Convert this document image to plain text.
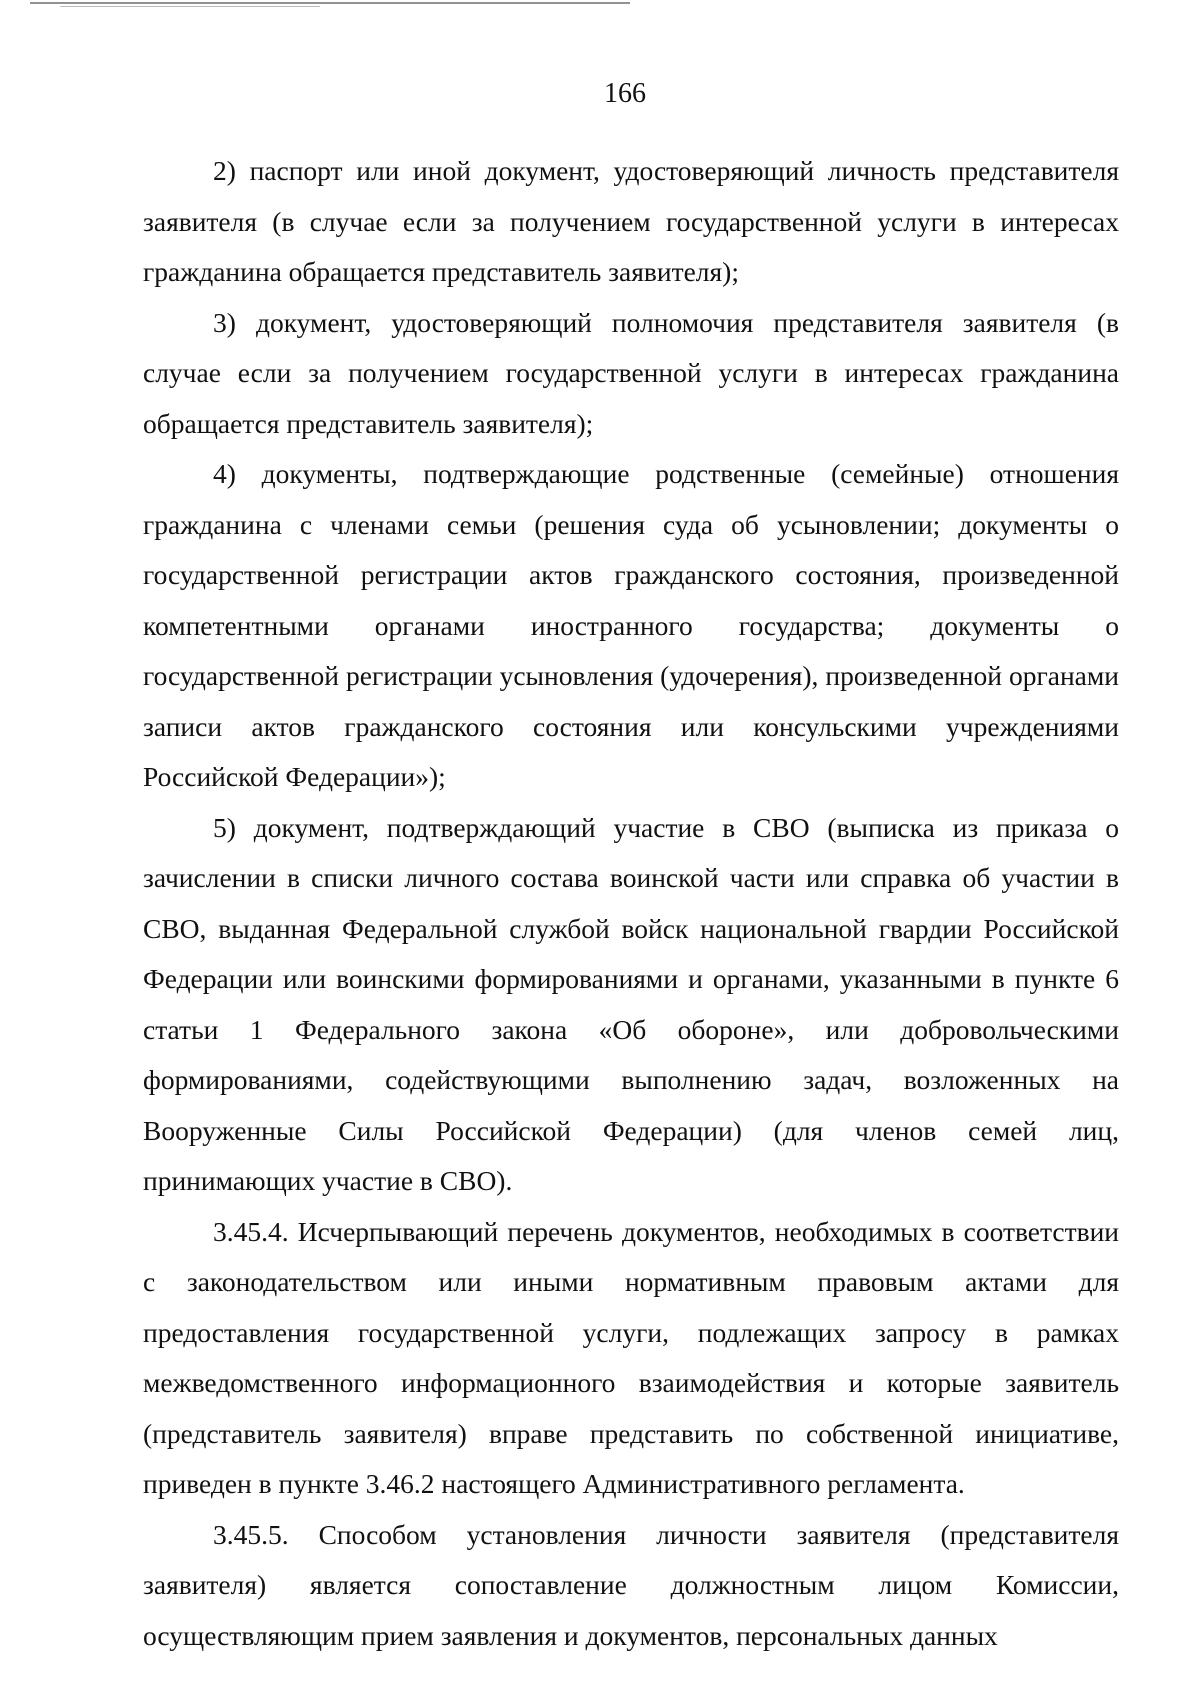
166

2) паспорт или иной документ, удостоверяющий личность представителя заявителя (в случае если за получением государственной услуги в интересах гражданина обращается представитель заявителя);

3) документ, удостоверяющий полномочия представителя заявителя (в случае если за получением государственной услуги в интересах гражданина обращается представитель заявителя);

4) документы, подтверждающие родственные (семейные) отношения гражданина с членами семьи (решения суда об усыновлении; документы о государственной регистрации актов гражданского состояния, произведенной компетентными органами иностранного государства; документы о государственной регистрации усыновления (удочерения), произведенной органами записи актов гражданского состояния или консульскими учреждениями Российской Федерации»);

5) документ, подтверждающий участие в СВО (выписка из приказа о зачислении в списки личного состава воинской части или справка об участии в СВО, выданная Федеральной службой войск национальной гвардии Российской Федерации или воинскими формированиями и органами, указанными в пункте 6 статьи 1 Федерального закона «Об обороне», или добровольческими формированиями, содействующими выполнению задач, возложенных на Вооруженные Силы Российской Федерации) (для членов семей лиц, принимающих участие в СВО).

3.45.4. Исчерпывающий перечень документов, необходимых в соответствии с законодательством или иными нормативным правовым актами для предоставления государственной услуги, подлежащих запросу в рамках межведомственного информационного взаимодействия и которые заявитель (представитель заявителя) вправе представить по собственной инициативе, приведен в пункте 3.46.2 настоящего Административного регламента.

3.45.5. Способом установления личности заявителя (представителя заявителя) является сопоставление должностным лицом Комиссии, осуществляющим прием заявления и документов, персональных данных
